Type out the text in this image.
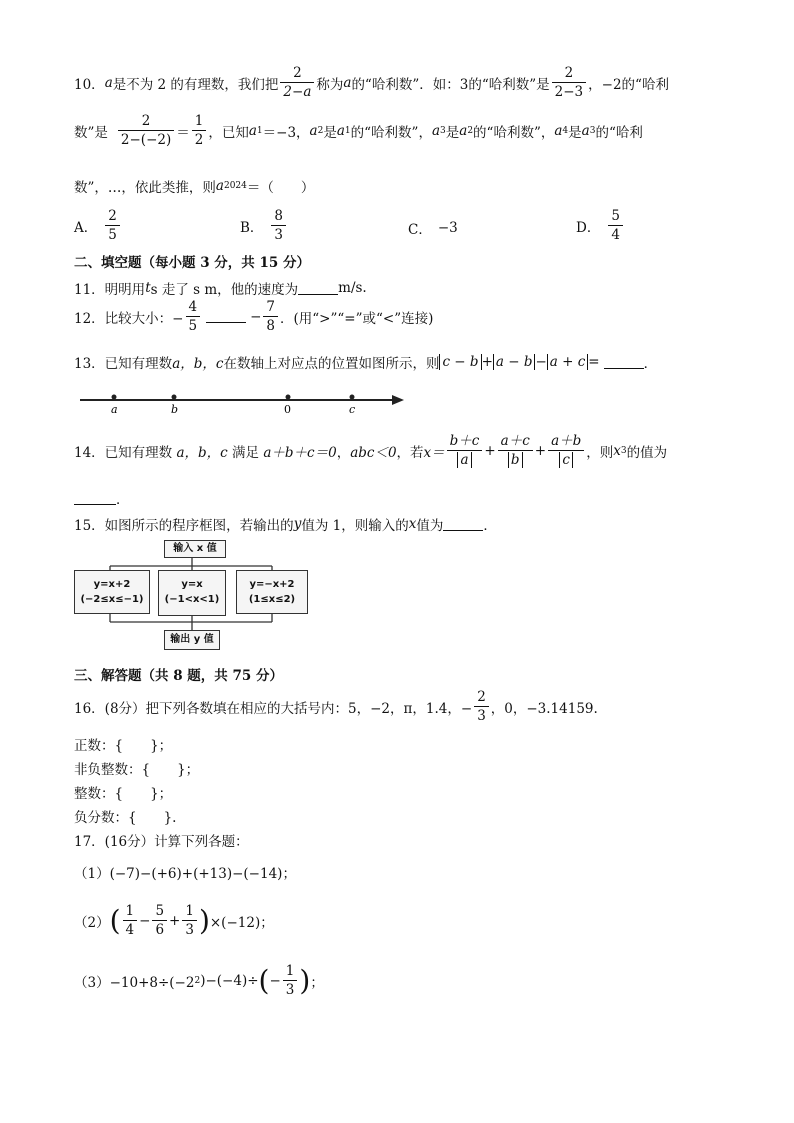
10． a 是不为 2 的有理数，我们把 $\frac{2}{2-a}$ 称为 a 的“哈利数”．如：3的“哈利数”是 $\frac{2}{2-3}$ ，−2的“哈利
数”是 $\frac{2}{2-(-2)} = \frac{1}{2}$ ，已知 a 1 ＝−3 ， a 2 是 a 1 的“哈利数”， a 3 是 a 2 的“哈利数”， a 4 是 a 3 的“哈利
数”，…，依此类推，则 a 2024 ＝（　　）
A． $\frac{2}{5}$	B． $\frac{8}{3}$	C． −3	D． $\frac{5}{4}$
二、填空题（每小题 3 分，共 15 分）
11．明明用 t s 走了 s m，他的速度为	m/s.
12．比较大小：− $\frac{4}{5}$	− $\frac{7}{8}$ ．(用“>”“=”或“<”连接)
13．已知有理数 a，b，c 在数轴上对应点的位置如图所示，则 c − b + a − b − a + c =	．
a	b	0	c
14．已知有理数
a，b，c
满足
a＋b＋c＝0 ， abc＜0 ，若 $x= \frac{b+c}{a} + \frac{a+c}{b} + \frac{a+b}{c}$ ，则 x 3 的值为
．
15．如图所示的程序框图，若输出的 y 值为 1，则输入的 x 值为	．
输入 x 值
y=x+2
(−2≤x≤−1)
y=x
(−1<x<1)
y=−x+2
(1≤x≤2)
输出 y 值
三、解答题（共 8 题，共 75 分）
16．(8分）把下列各数填在相应的大括号内：5，−2，π，1.4，− $\frac{2}{3}$ ，0，−3.14159.
正数：{　　}；
非负整数：{　　}；
整数：{　　}；
负分数：{　　}.
17．(16分）计算下列各题：
（1）(−7)−(+6)+(+13)−(−14)；
（2） ( $\frac{1}{4} - \frac{5}{6} + \frac{1}{3}$ ) ×(−12)；
（3）−10+8÷(−2 2 )−(−4)÷ ( − $\frac{1}{3}$ ) ；
